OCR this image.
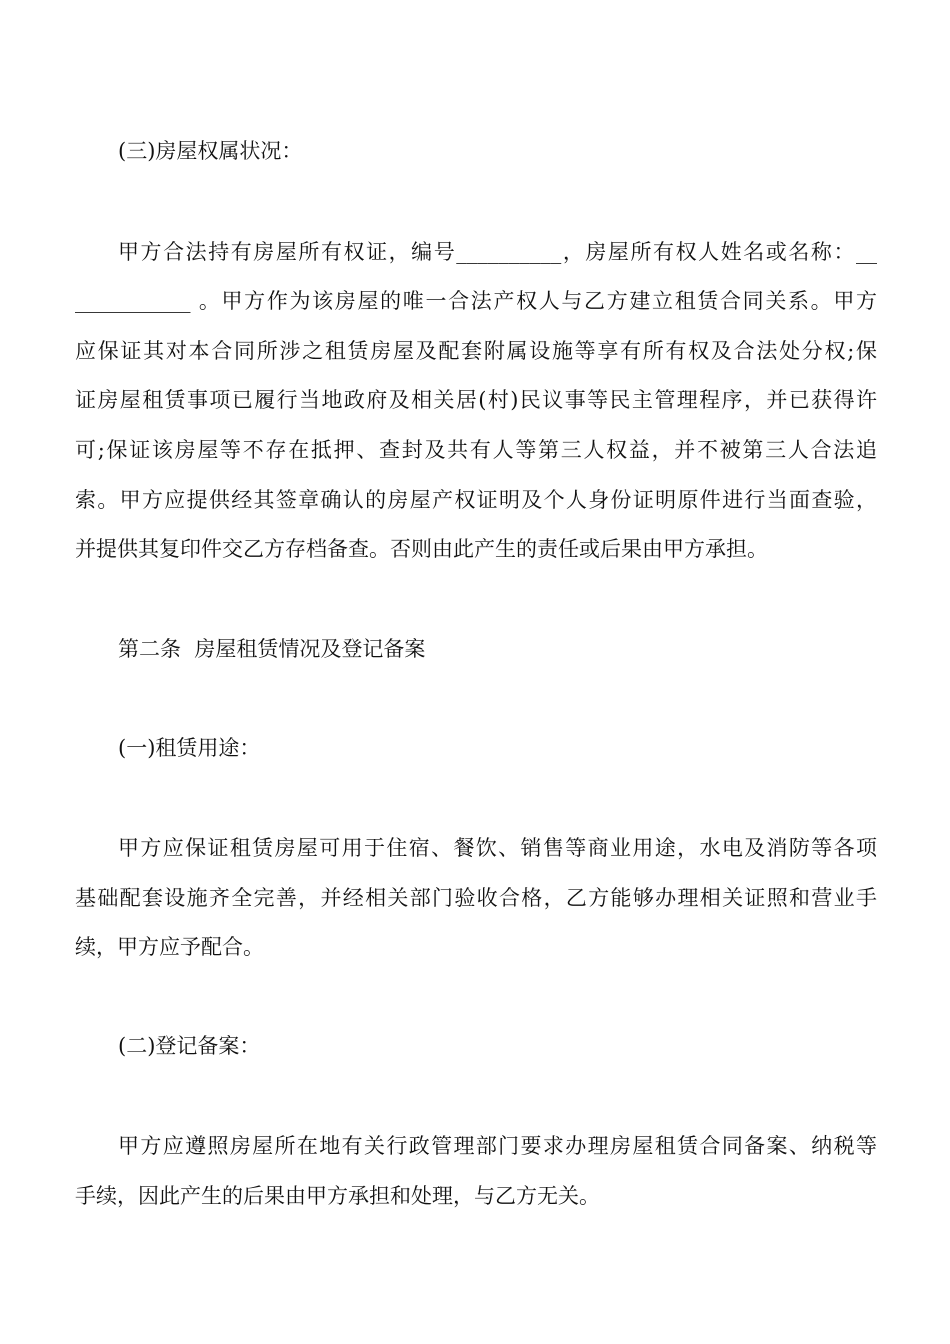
(三)房屋权属状况：
甲方合法持有房屋所有权证，编号__________，房屋所有权人姓名或名称：__
___________ 。甲方作为该房屋的唯一合法产权人与乙方建立租赁合同关系。甲方
应保证其对本合同所涉之租赁房屋及配套附属设施等享有所有权及合法处分权;保
证房屋租赁事项已履行当地政府及相关居(村)民议事等民主管理程序，并已获得许
可;保证该房屋等不存在抵押、查封及共有人等第三人权益，并不被第三人合法追
索。甲方应提供经其签章确认的房屋产权证明及个人身份证明原件进行当面查验，
并提供其复印件交乙方存档备查。否则由此产生的责任或后果由甲方承担。
第二条  房屋租赁情况及登记备案
(一)租赁用途：
甲方应保证租赁房屋可用于住宿、餐饮、销售等商业用途，水电及消防等各项
基础配套设施齐全完善，并经相关部门验收合格，乙方能够办理相关证照和营业手
续，甲方应予配合。
(二)登记备案：
甲方应遵照房屋所在地有关行政管理部门要求办理房屋租赁合同备案、纳税等
手续，因此产生的后果由甲方承担和处理，与乙方无关。
